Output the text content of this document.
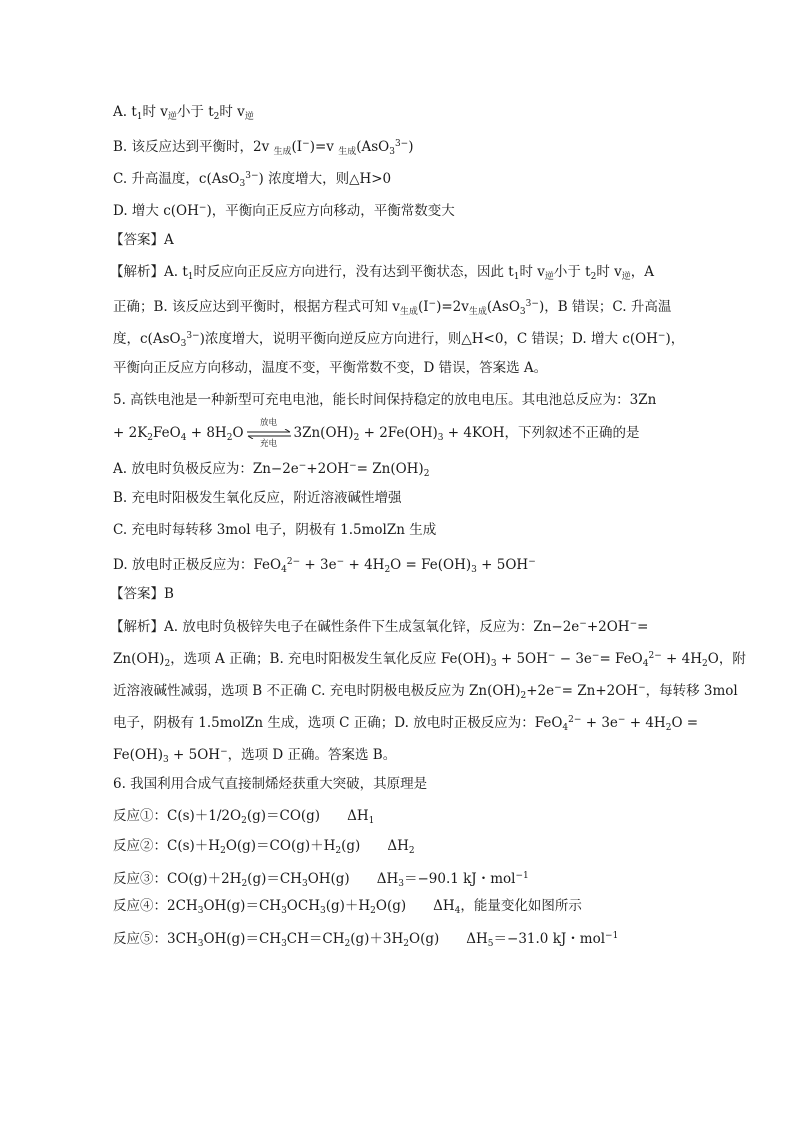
A. $t_1$时 $v_逆$小于 $t_2$时 $v_逆$
B. 该反应达到平衡时，2v $_{生成}$(I−)=v $_{生成}$(AsO$_3^{3-}$)
C. 升高温度，c(AsO$_3^{3-}$) 浓度增大，则△H>0
D. 增大 c(OH−)，平衡向正反应方向移动，平衡常数变大
【答案】A
【解析】A. $t_1$时反应向正反应方向进行，没有达到平衡状态，因此 $t_1$时 $v_逆$小于 $t_2$时 $v_逆$，A
正确；B. 该反应达到平衡时，根据方程式可知 $v_{生成}(I^-)=2v_{生成}(AsO_3^{3-})$，B 错误；C. 升高温
度，c(AsO$_3^{3-}$)浓度增大，说明平衡向逆反应方向进行，则△H<0，C 错误；D. 增大 c(OH−)，
平衡向正反应方向移动，温度不变，平衡常数不变，D 错误，答案选 A。
5. 高铁电池是一种新型可充电电池，能长时间保持稳定的放电电压。其电池总反应为：3Zn
+ $2K_2FeO_4 + 8H_2O$
放电
充电
$3Zn(OH)_2 + 2Fe(OH)_3 + 4KOH$，下列叙述不正确的是
A. 放电时负极反应为：$Zn-2e^-+2OH^-= Zn(OH)_2$
B. 充电时阳极发生氧化反应，附近溶液碱性增强
C. 充电时每转移 3mol 电子，阴极有 1.5molZn 生成
D. 放电时正极反应为：$FeO_4^{2-} + 3e^- + 4H_2O = Fe(OH)_3 + 5OH^-$
【答案】B
【解析】A. 放电时负极锌失电子在碱性条件下生成氢氧化锌，反应为：Zn−2e−+2OH−=
$Zn(OH)_2$，选项 A 正确；B. 充电时阳极发生氧化反应 $Fe(OH)_3 + 5OH^- - 3e^-= FeO_4^{2-} + 4H_2O$，附
近溶液碱性减弱，选项 B 不正确 C. 充电时阴极电极反应为 $Zn(OH)_2+2e^-= Zn+2OH^-$，每转移 3mol
电子，阴极有 1.5molZn 生成，选项 C 正确；D. 放电时正极反应为：$FeO_4^{2-} + 3e^- + 4H_2O$ =
$Fe(OH)_3 + 5OH^-$，选项 D 正确。答案选 B。
6. 我国利用合成气直接制烯烃获重大突破，其原理是
反应①：$C(s)+1/2O_2(g)=CO(g)$　　$\Delta H_1$
反应②：$C(s)+H_2O(g)=CO(g)+H_2(g)$　　$\Delta H_2$
反应③：$CO(g)+2H_2(g)=CH_3OH(g)$　　$\Delta H_3=-90.1$ kJ・mol$^{-1}$
反应④：$2CH_3OH(g)=CH_3OCH_3(g)+H_2O(g)$　　$\Delta H_4$，能量变化如图所示
反应⑤：$3CH_3OH(g)=CH_3CH=CH_2(g)+3H_2O(g)$　　$\Delta H_5=-31.0$ kJ・mol$^{-1}$
